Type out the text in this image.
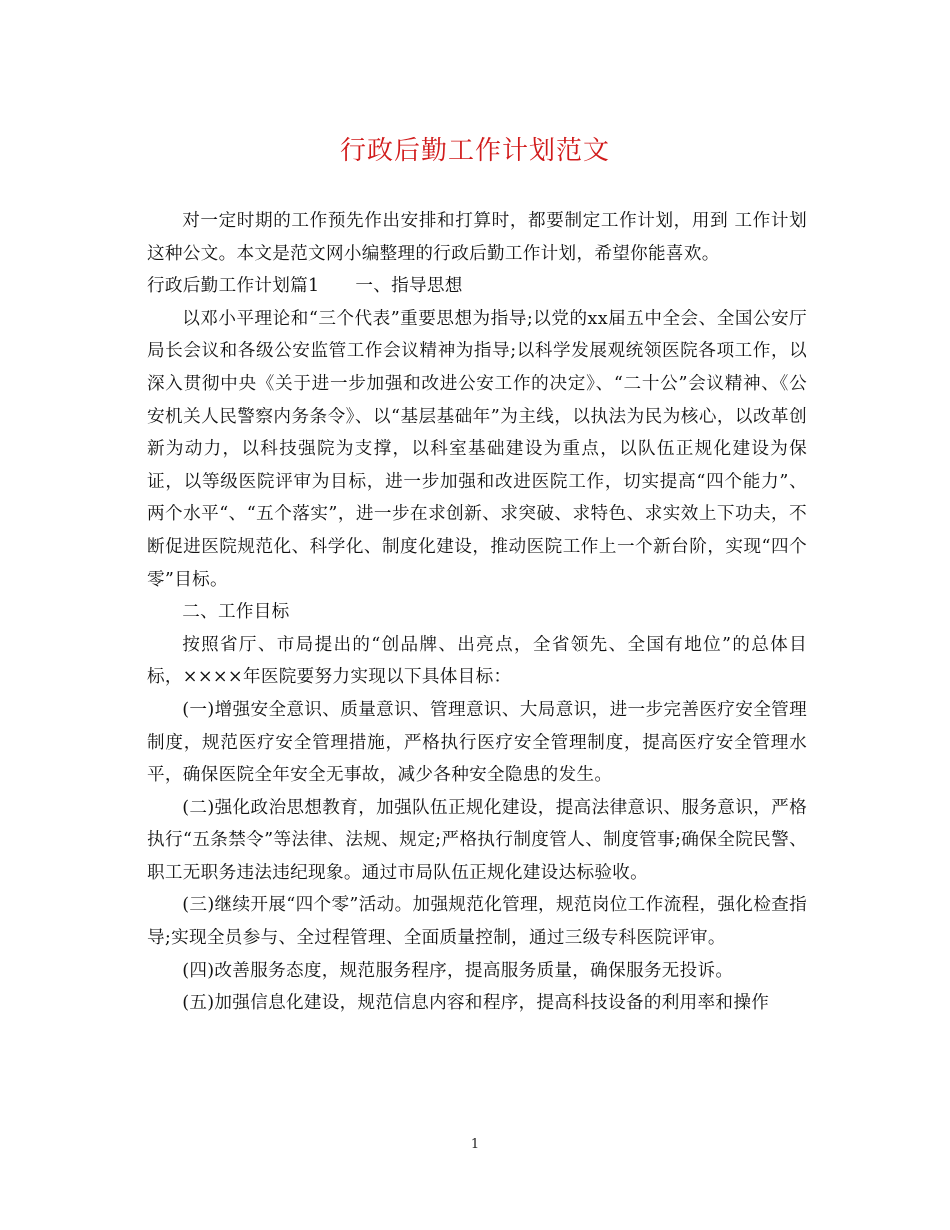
行政后勤工作计划范文

对一定时期的工作预先作出安排和打算时，都要制定工作计划，用到 工作计划 这种公文。本文是范文网小编整理的行政后勤工作计划，希望你能喜欢。

行政后勤工作计划篇1　　一、指导思想

以邓小平理论和“三个代表”重要思想为指导;以党的xx届五中全会、全国公安厅局长会议和各级公安监管工作会议精神为指导;以科学发展观统领医院各项工作，以深入贯彻中央《关于进一步加强和改进公安工作的决定》、“二十公”会议精神、《公安机关人民警察内务条令》、以“基层基础年”为主线，以执法为民为核心，以改革创新为动力，以科技强院为支撑，以科室基础建设为重点，以队伍正规化建设为保证，以等级医院评审为目标，进一步加强和改进医院工作，切实提高“四个能力”、两个水平“、“五个落实”，进一步在求创新、求突破、求特色、求实效上下功夫，不断促进医院规范化、科学化、制度化建设，推动医院工作上一个新台阶，实现“四个零”目标。

二、工作目标

按照省厅、市局提出的“创品牌、出亮点，全省领先、全国有地位”的总体目标，××××年医院要努力实现以下具体目标：

(一)增强安全意识、质量意识、管理意识、大局意识，进一步完善医疗安全管理制度，规范医疗安全管理措施，严格执行医疗安全管理制度，提高医疗安全管理水平，确保医院全年安全无事故，减少各种安全隐患的发生。

(二)强化政治思想教育，加强队伍正规化建设，提高法律意识、服务意识，严格执行“五条禁令”等法律、法规、规定;严格执行制度管人、制度管事;确保全院民警、职工无职务违法违纪现象。通过市局队伍正规化建设达标验收。

(三)继续开展“四个零”活动。加强规范化管理，规范岗位工作流程，强化检查指导;实现全员参与、全过程管理、全面质量控制，通过三级专科医院评审。

(四)改善服务态度，规范服务程序，提高服务质量，确保服务无投诉。

(五)加强信息化建设，规范信息内容和程序，提高科技设备的利用率和操作

1
